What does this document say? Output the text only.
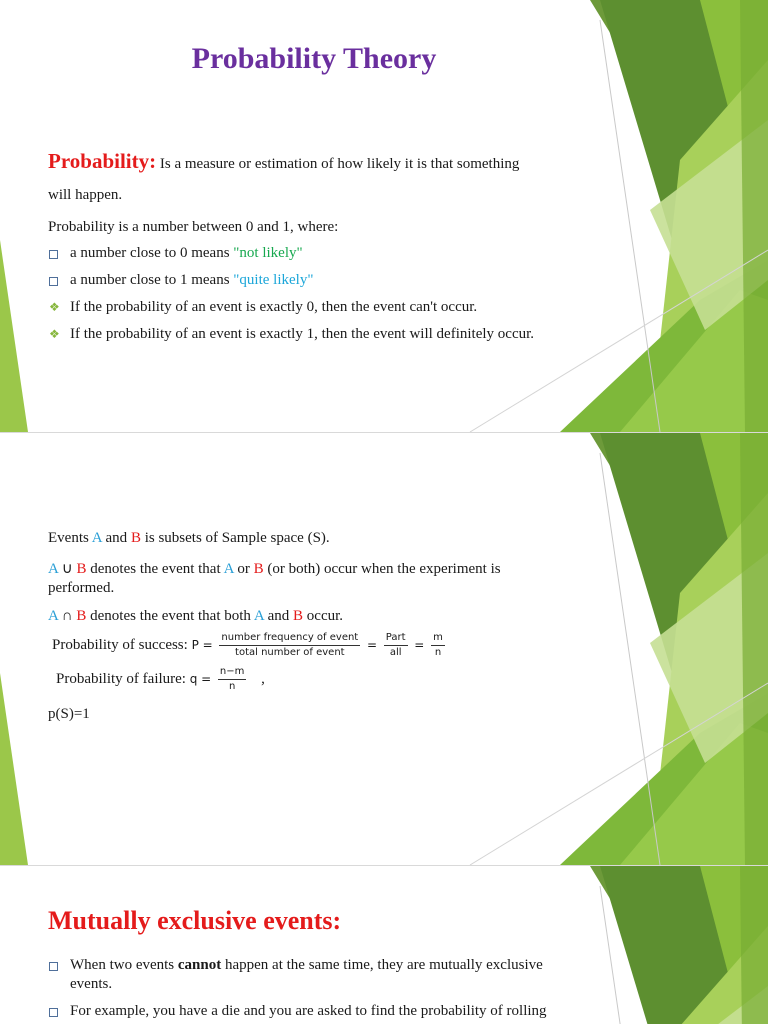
Probability Theory

Probability: Is a measure or estimation of how likely it is that something

will happen.

Probability is a number between 0 and 1, where:

a number close to 0 means "not likely"

a number close to 1 means "quite likely"

❖ If the probability of an event is exactly 0, then the event can't occur.

❖ If the probability of an event is exactly 1, then the event will definitely occur.

Events A and B is subsets of Sample space (S).

A ∪ B denotes the event that A or B (or both) occur when the experiment is

performed.

A ∩ B denotes the event that both A and B occur.

Probability of success: $P = \frac{\text{number frequency of event}}{\text{total number of event}} = \frac{\text{Part}}{\text{all}} = \frac{m}{n}$
Probability of failure: $q = \frac{n-m}{n}$ ,

p(S)=1

Mutually exclusive events:

When two events cannot happen at the same time, they are mutually exclusive

events.

For example, you have a die and you are asked to find the probability of rolling
